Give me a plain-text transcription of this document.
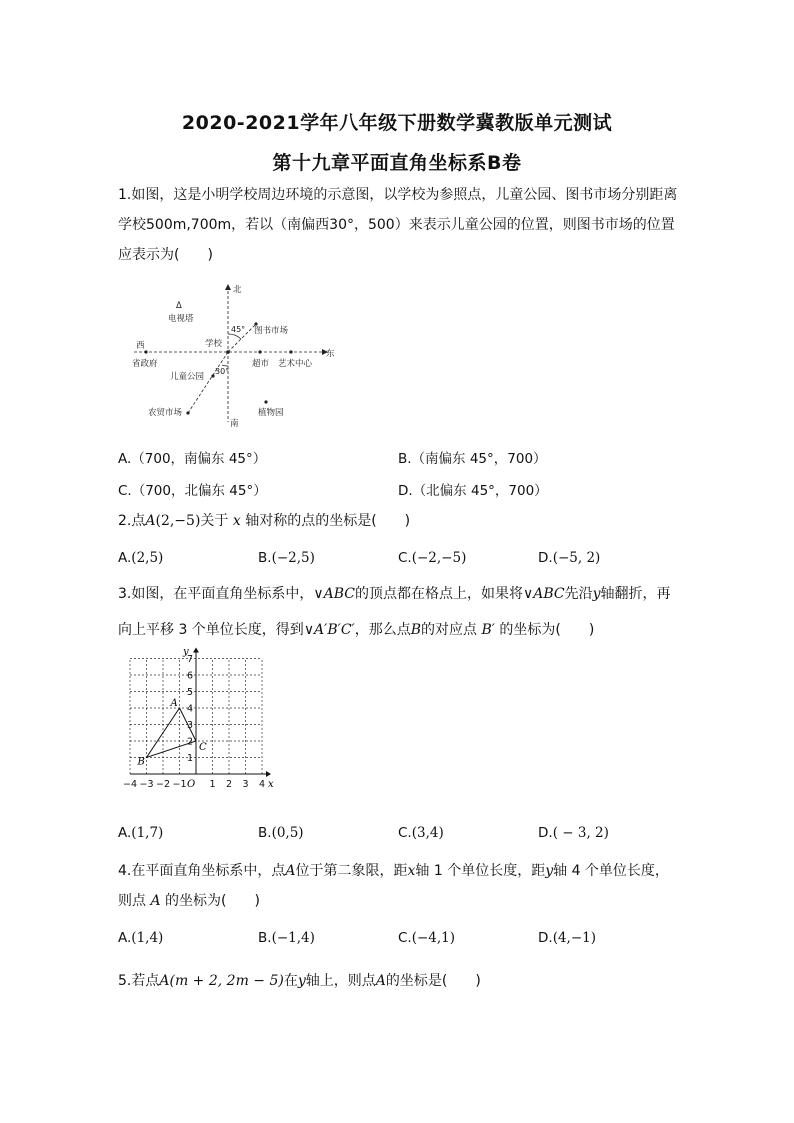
2020-2021学年八年级下册数学冀教版单元测试
第十九章平面直角坐标系B卷
1.如图，这是小明学校周边环境的示意图，以学校为参照点，儿童公园、图书市场分别距离学校500m,700m，若以（南偏西30°，500）来表示儿童公园的位置，则图书市场的位置应表示为(　　)
北
南
东
西	学校
Δ
电视塔
图书市场
45°
30°
省政府	超市 艺术中心
儿童公园
农贸市场	植物园
A.（700，南偏东 45°）	B.（南偏东 45°，700）
C.（700，北偏东 45°）	D.（北偏东 45°，700）
2.点A(2,−5)关于 x 轴对称的点的坐标是(　　)
A.(2,5)	B.(−2,5)	C.(−2,−5)	D.(−5, 2)
3.如图，在平面直角坐标系中，∨ABC的顶点都在格点上，如果将∨ABC先沿y轴翻折，再向上平移 3 个单位长度，得到∨A′B′C′，那么点B的对应点 B′ 的坐标为(　　)
1
2
3
4
5
6
7
−4 −3 −2 −1 1 2 3 4
y
x
O
A
B
C
A.(1,7)	B.(0,5)	C.(3,4)	D.( − 3, 2)
4.在平面直角坐标系中，点A位于第二象限，距x轴 1 个单位长度，距y轴 4 个单位长度，则点 A 的坐标为(　　)
A.(1,4)	B.(−1,4)	C.(−4,1)	D.(4,−1)
5.若点A(m + 2, 2m − 5)在y轴上，则点A的坐标是(　　)
